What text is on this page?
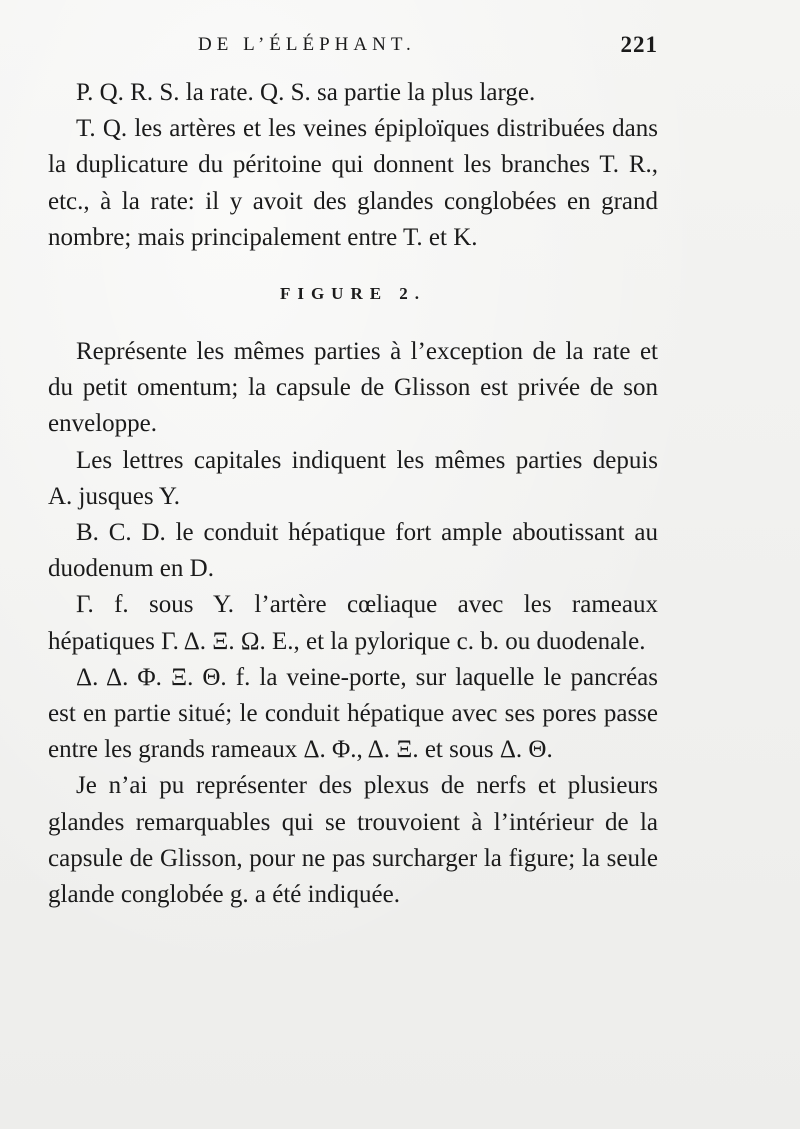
DE L’ÉLÉPHANT.	221

P. Q. R. S. la rate. Q. S. sa partie la plus large.

T. Q. les artères et les veines épiploïques distribuées dans la duplicature du péritoine qui donnent les branches T. R., etc., à la rate: il y avoit des glandes conglobées en grand nombre; mais principalement entre T. et K.

FIGURE 2.

Représente les mêmes parties à l’exception de la rate et du petit omentum; la capsule de Glisson est privée de son enveloppe.

Les lettres capitales indiquent les mêmes parties depuis A. jusques Y.

B. C. D. le conduit hépatique fort ample aboutissant au duodenum en D.

Γ. f. sous Y. l’artère cœliaque avec les rameaux hépatiques Γ. Δ. Ξ. Ω. E., et la pylorique c. b. ou duodenale.

Δ. Δ. Φ. Ξ. Θ. f. la veine-porte, sur laquelle le pancréas est en partie situé; le conduit hépatique avec ses pores passe entre les grands rameaux Δ. Φ., Δ. Ξ. et sous Δ. Θ.

Je n’ai pu représenter des plexus de nerfs et plusieurs glandes remarquables qui se trouvoient à l’intérieur de la capsule de Glisson, pour ne pas surcharger la figure; la seule glande conglobée g. a été indiquée.
